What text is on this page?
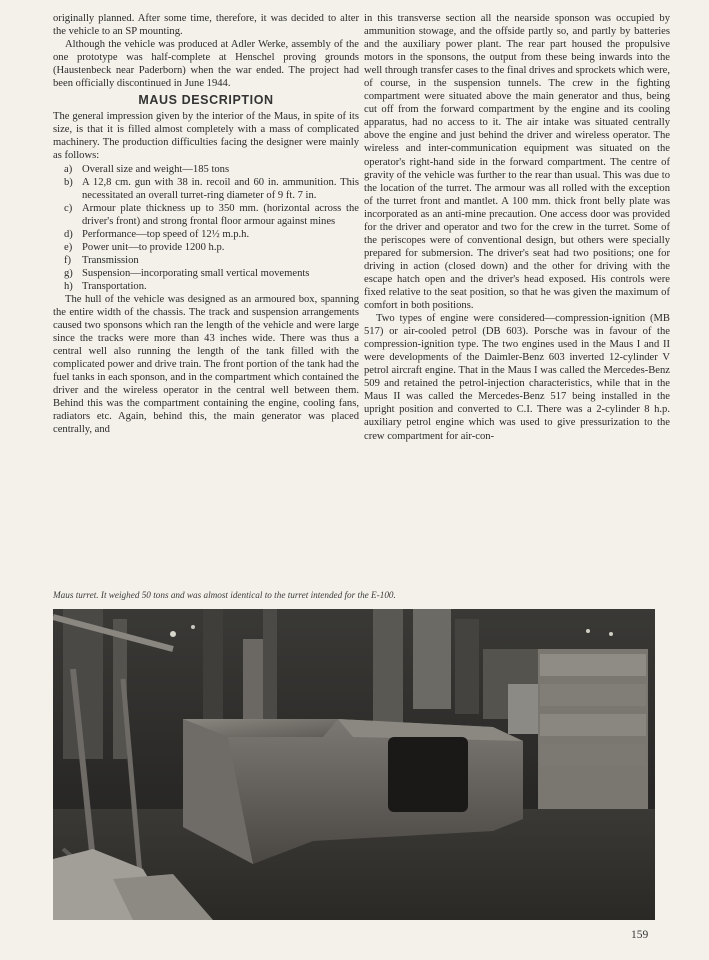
originally planned. After some time, therefore, it was decided to alter the vehicle to an SP mounting.

Although the vehicle was produced at Adler Werke, assembly of the one prototype was half-complete at Henschel proving grounds (Haustenbeck near Paderborn) when the war ended. The project had been officially discontinued in June 1944.

MAUS DESCRIPTION

The general impression given by the interior of the Maus, in spite of its size, is that it is filled almost completely with a mass of complicated machinery. The production difficulties facing the designer were mainly as follows:

a) Overall size and weight—185 tons
b) A 12,8 cm. gun with 38 in. recoil and 60 in. ammunition. This necessitated an overall turret-ring diameter of 9 ft. 7 in.
c) Armour plate thickness up to 350 mm. (horizontal across the driver's front) and strong frontal floor armour against mines
d) Performance—top speed of 12½ m.p.h.
e) Power unit—to provide 1200 h.p.
f) Transmission
g) Suspension—incorporating small vertical movements
h) Transportation.

The hull of the vehicle was designed as an armoured box, spanning the entire width of the chassis. The track and suspension arrangements caused two sponsons which ran the length of the vehicle and were large since the tracks were more than 43 inches wide. There was thus a central well also running the length of the tank filled with the complicated power and drive train. The front portion of the tank had the fuel tanks in each sponson, and in the compartment which contained the driver and the wireless operator in the central well between them. Behind this was the compartment containing the engine, cooling fans, radiators etc. Again, behind this, the main generator was placed centrally, and

in this transverse section all the nearside sponson was occupied by ammunition stowage, and the offside partly so, and partly by batteries and the auxiliary power plant. The rear part housed the propulsive motors in the sponsons, the output from these being inwards into the well through transfer cases to the final drives and sprockets which were, of course, in the suspension tunnels. The crew in the fighting compartment were situated above the main generator and thus, being cut off from the forward compartment by the engine and its cooling apparatus, had no access to it. The air intake was situated centrally above the engine and just behind the driver and wireless operator. The wireless and inter-communication equipment was situated on the operator's right-hand side in the forward compartment. The centre of gravity of the vehicle was further to the rear than usual. This was due to the location of the turret. The armour was all rolled with the exception of the turret front and mantlet. A 100 mm. thick front belly plate was incorporated as an anti-mine precaution. One access door was provided for the driver and operator and two for the crew in the turret. Some of the periscopes were of conventional design, but others were specially prepared for submersion. The driver's seat had two positions; one for driving in action (closed down) and the other for driving with the escape hatch open and the driver's head exposed. His controls were fixed relative to the seat position, so that he was given the maximum of comfort in both positions.

Two types of engine were considered—compression-ignition (MB 517) or air-cooled petrol (DB 603). Porsche was in favour of the compression-ignition type. The two engines used in the Maus I and II were developments of the Daimler-Benz 603 inverted 12-cylinder V petrol aircraft engine. That in the Maus I was called the Mercedes-Benz 509 and retained the petrol-injection characteristics, while that in the Maus II was called the Mercedes-Benz 517 being installed in the upright position and converted to C.I. There was a 2-cylinder 8 h.p. auxiliary petrol engine which was used to give pressurization to the crew compartment for air-con-

Maus turret. It weighed 50 tons and was almost identical to the turret intended for the E-100.
159
